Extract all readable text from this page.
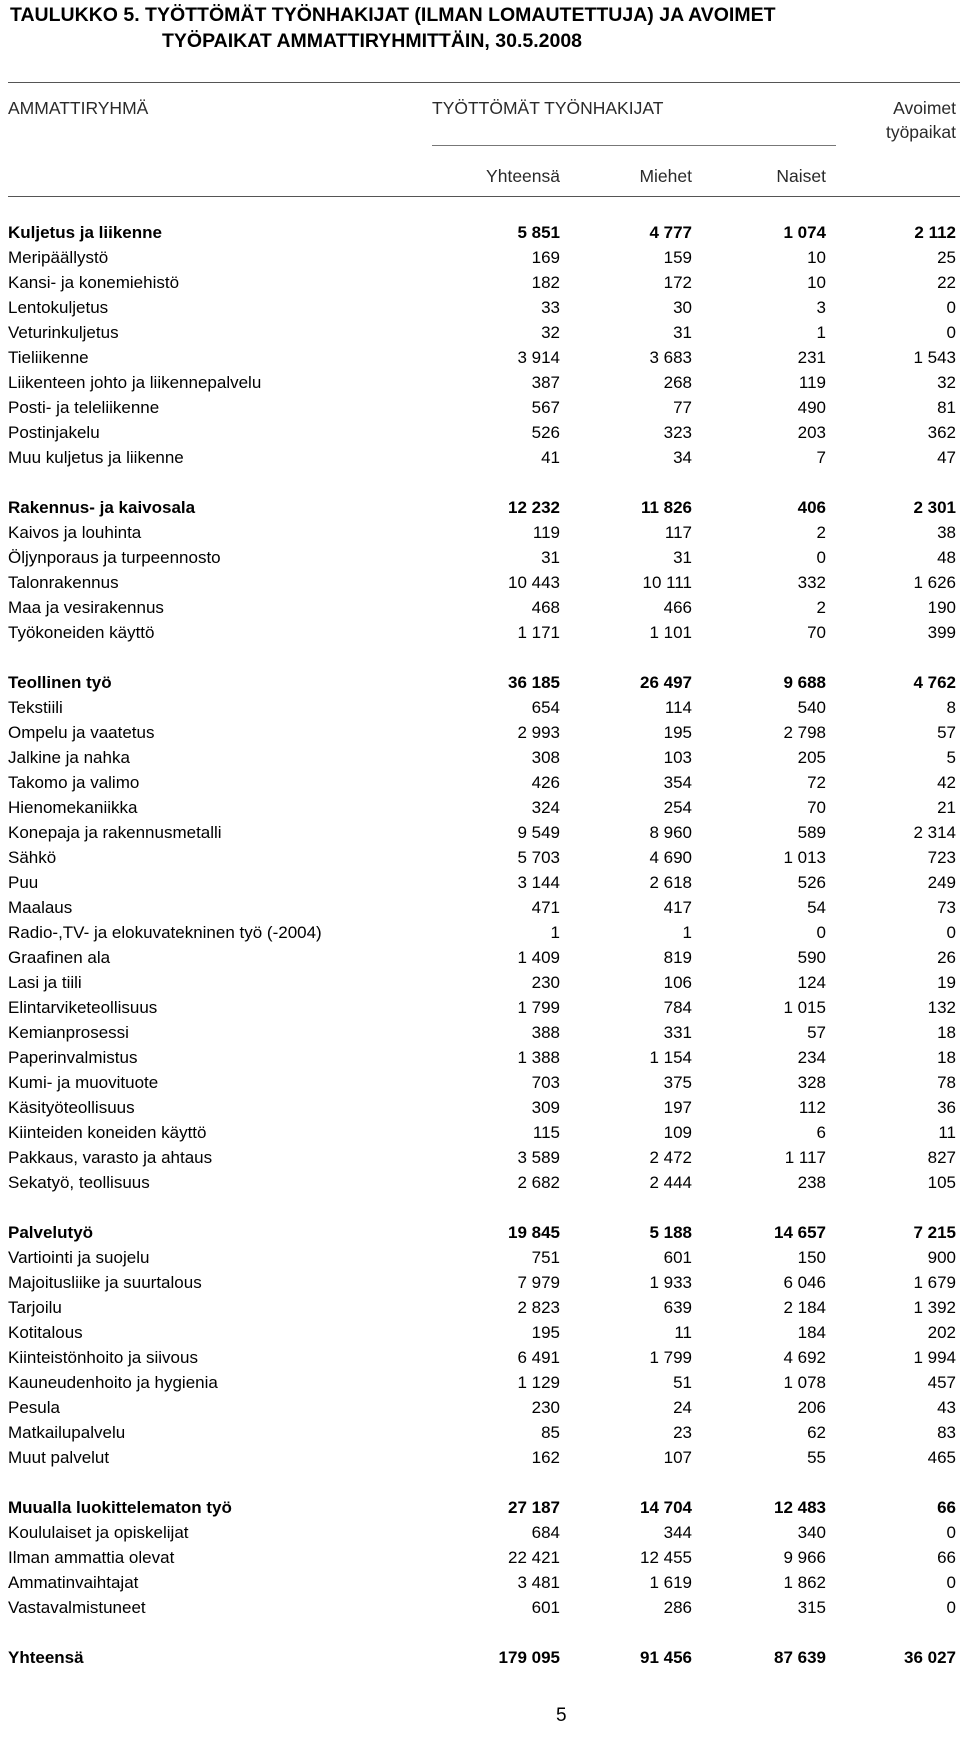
TAULUKKO 5. TYÖTTÖMÄT TYÖNHAKIJAT (ILMAN LOMAUTETTUJA) JA AVOIMET
TYÖPAIKAT AMMATTIRYHMITTÄIN, 30.5.2008
AMMATTIRYHMÄ	TYÖTTÖMÄT TYÖNHAKIJAT	Avoimet
työpaikat
Yhteensä	Miehet	Naiset
Kuljetus ja liikenne	5 851	4 777	1 074	2 112
Meripäällystö	169	159	10	25
Kansi- ja konemiehistö	182	172	10	22
Lentokuljetus	33	30	3	0
Veturinkuljetus	32	31	1	0
Tieliikenne	3 914	3 683	231	1 543
Liikenteen johto ja liikennepalvelu	387	268	119	32
Posti- ja teleliikenne	567	77	490	81
Postinjakelu	526	323	203	362
Muu kuljetus ja liikenne	41	34	7	47
Rakennus- ja kaivosala	12 232	11 826	406	2 301
Kaivos ja louhinta	119	117	2	38
Öljynporaus ja turpeennosto	31	31	0	48
Talonrakennus	10 443	10 111	332	1 626
Maa ja vesirakennus	468	466	2	190
Työkoneiden käyttö	1 171	1 101	70	399
Teollinen työ	36 185	26 497	9 688	4 762
Tekstiili	654	114	540	8
Ompelu ja vaatetus	2 993	195	2 798	57
Jalkine ja nahka	308	103	205	5
Takomo ja valimo	426	354	72	42
Hienomekaniikka	324	254	70	21
Konepaja ja rakennusmetalli	9 549	8 960	589	2 314
Sähkö	5 703	4 690	1 013	723
Puu	3 144	2 618	526	249
Maalaus	471	417	54	73
Radio-,TV- ja elokuvatekninen työ (-2004)	1	1	0	0
Graafinen ala	1 409	819	590	26
Lasi ja tiili	230	106	124	19
Elintarviketeollisuus	1 799	784	1 015	132
Kemianprosessi	388	331	57	18
Paperinvalmistus	1 388	1 154	234	18
Kumi- ja muovituote	703	375	328	78
Käsityöteollisuus	309	197	112	36
Kiinteiden koneiden käyttö	115	109	6	11
Pakkaus, varasto ja ahtaus	3 589	2 472	1 117	827
Sekatyö, teollisuus	2 682	2 444	238	105
Palvelutyö	19 845	5 188	14 657	7 215
Vartiointi ja suojelu	751	601	150	900
Majoitusliike ja suurtalous	7 979	1 933	6 046	1 679
Tarjoilu	2 823	639	2 184	1 392
Kotitalous	195	11	184	202
Kiinteistönhoito ja siivous	6 491	1 799	4 692	1 994
Kauneudenhoito ja hygienia	1 129	51	1 078	457
Pesula	230	24	206	43
Matkailupalvelu	85	23	62	83
Muut palvelut	162	107	55	465
Muualla luokittelematon työ	27 187	14 704	12 483	66
Koululaiset ja opiskelijat	684	344	340	0
Ilman ammattia olevat	22 421	12 455	9 966	66
Ammatinvaihtajat	3 481	1 619	1 862	0
Vastavalmistuneet	601	286	315	0
Yhteensä	179 095	91 456	87 639	36 027
5
